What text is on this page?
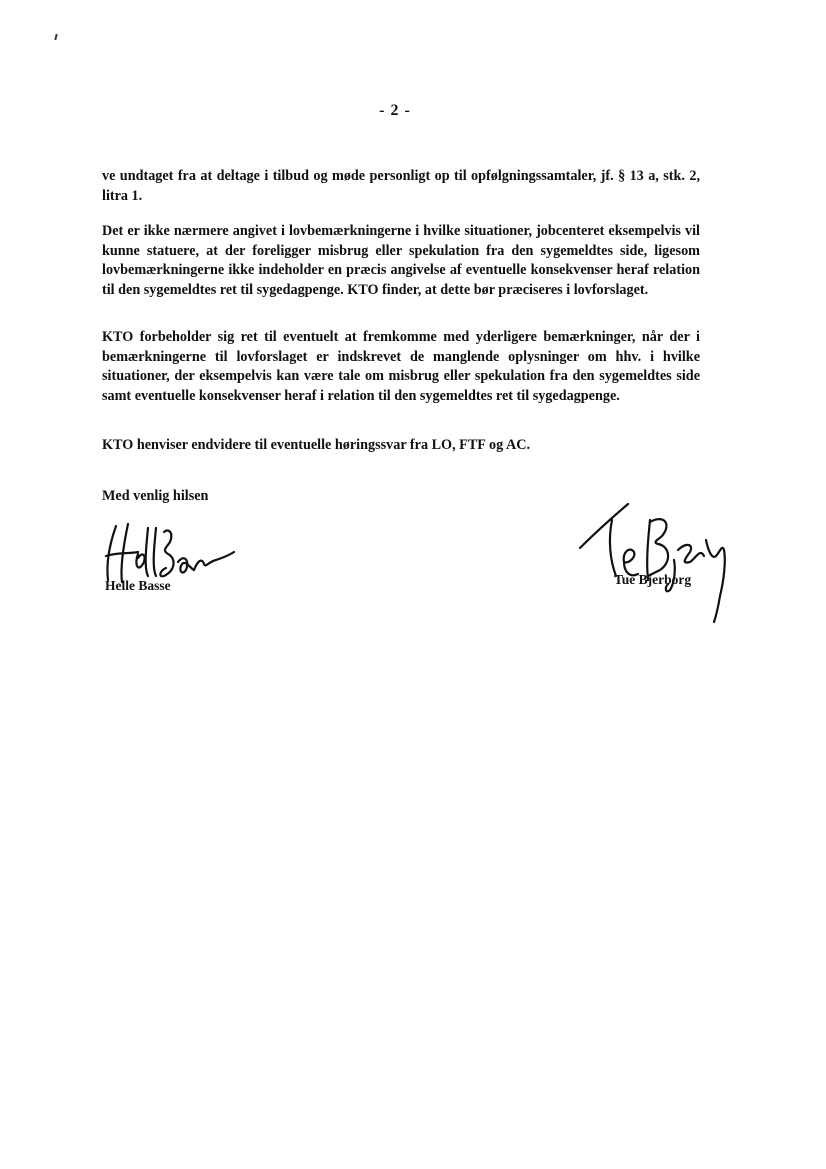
- 2 -

ve undtaget fra at deltage i tilbud og møde personligt op til opfølgningssamtaler, jf. § 13 a, stk. 2, litra 1.

Det er ikke nærmere angivet i lovbemærkningerne i hvilke situationer, jobcenteret eksempelvis vil kunne statuere, at der foreligger misbrug eller spekulation fra den sygemeldtes side, ligesom lovbemærkningerne ikke indeholder en præcis angivelse af eventuelle konsekvenser heraf relation til den sygemeldtes ret til sygedagpenge. KTO finder, at dette bør præciseres i lovforslaget.

KTO forbeholder sig ret til eventuelt at fremkomme med yderligere bemærkninger, når der i bemærkningerne til lovforslaget er indskrevet de manglende oplysninger om hhv. i hvilke situationer, der eksempelvis kan være tale om misbrug eller spekulation fra den sygemeldtes side samt eventuelle konsekvenser heraf i relation til den sygemeldtes ret til sygedagpenge.

KTO henviser endvidere til eventuelle høringssvar fra LO, FTF og AC.

Med venlig hilsen
Helle Basse	Tue Bjerborg
